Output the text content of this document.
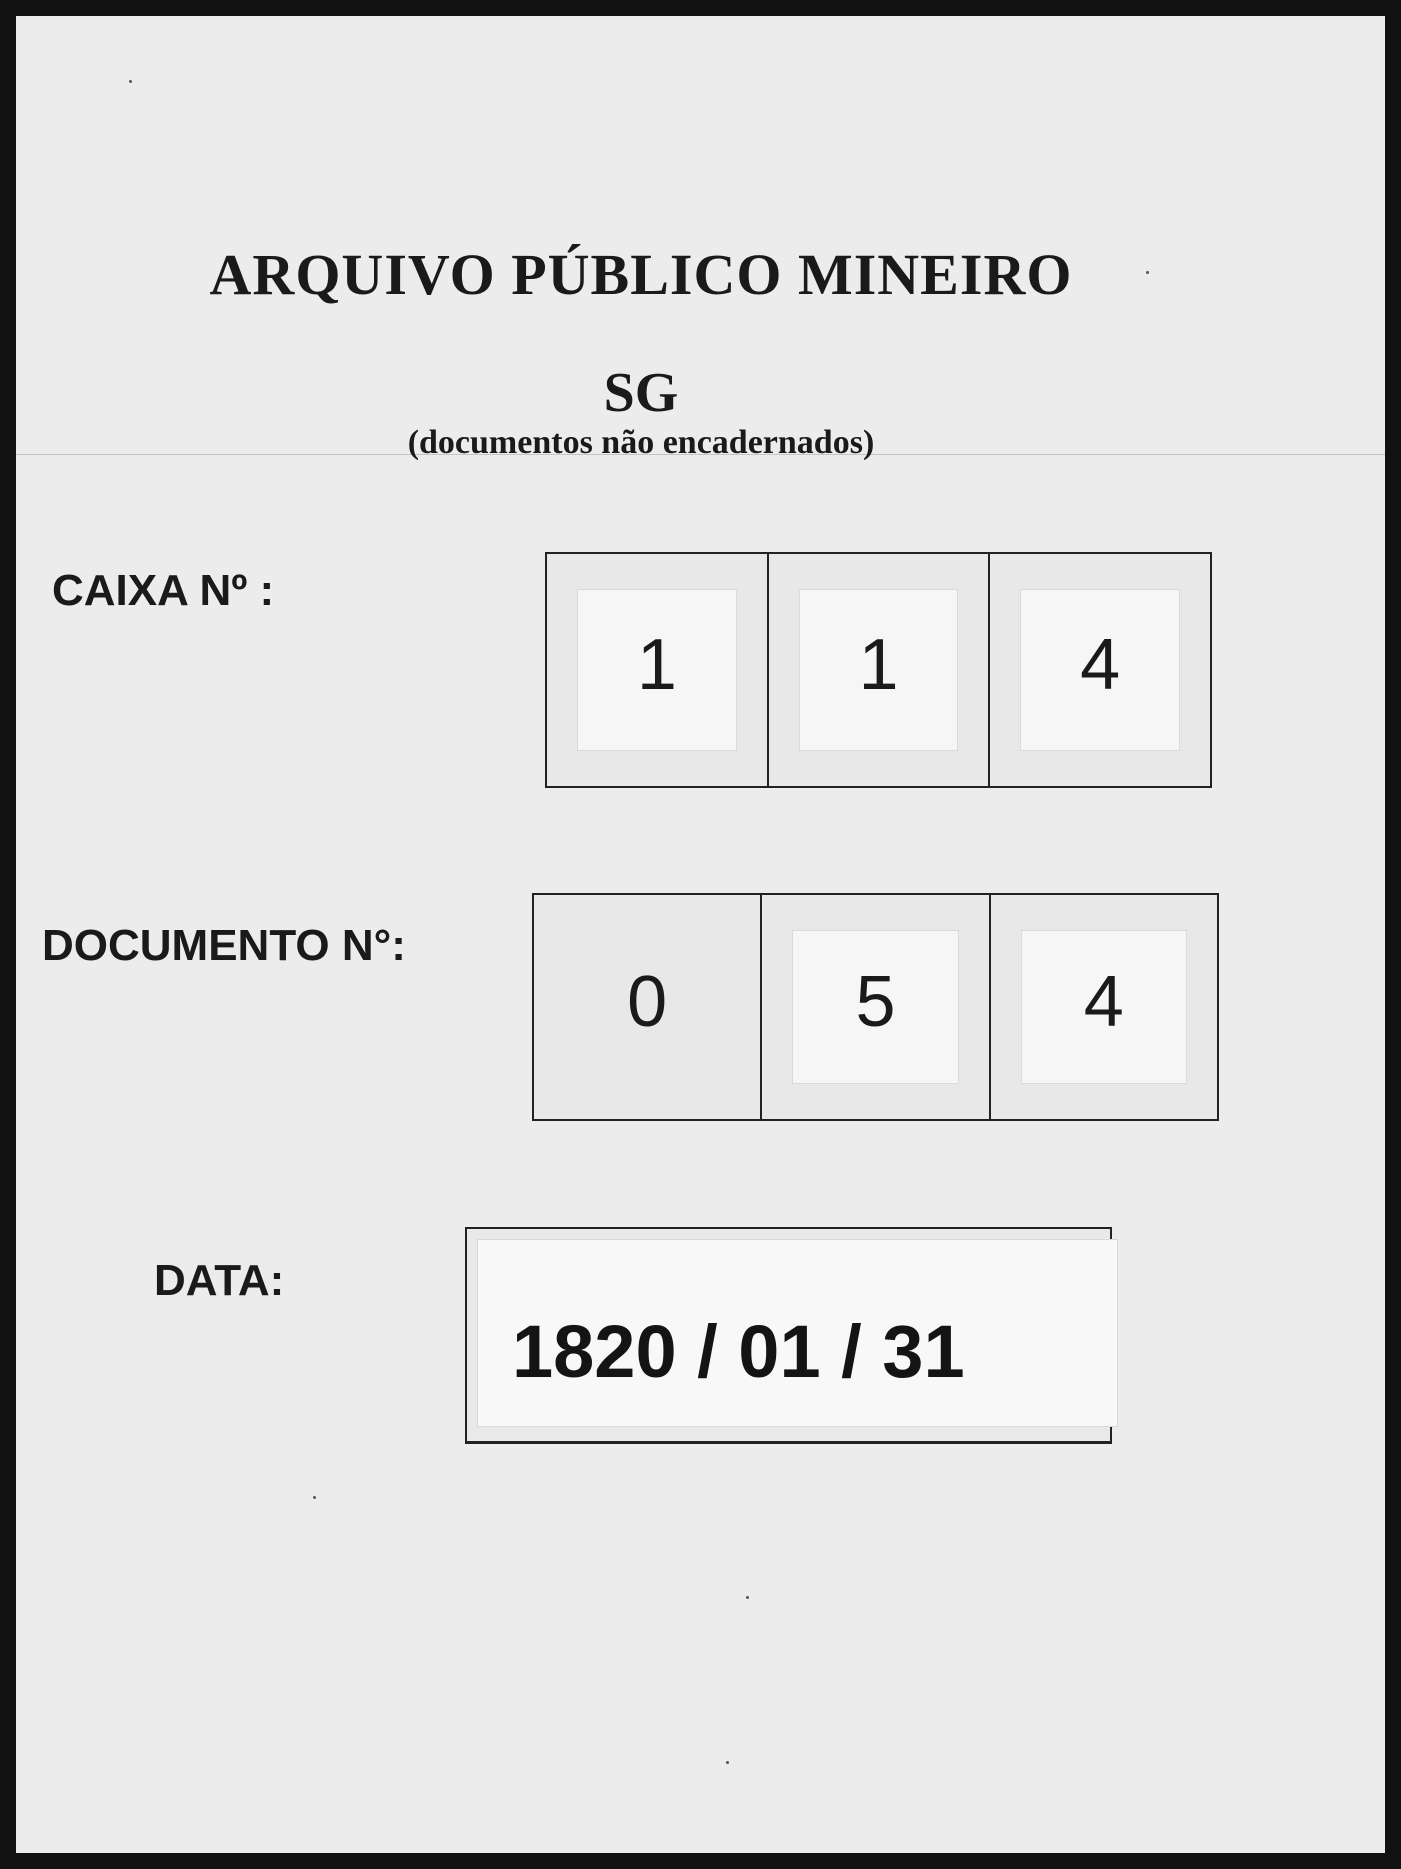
ARQUIVO PÚBLICO MINEIRO
SG
(documentos não encadernados)
CAIXA Nº :
1	1	4
DOCUMENTO N°:
0	5	4
DATA:
1820 / 01 / 31
